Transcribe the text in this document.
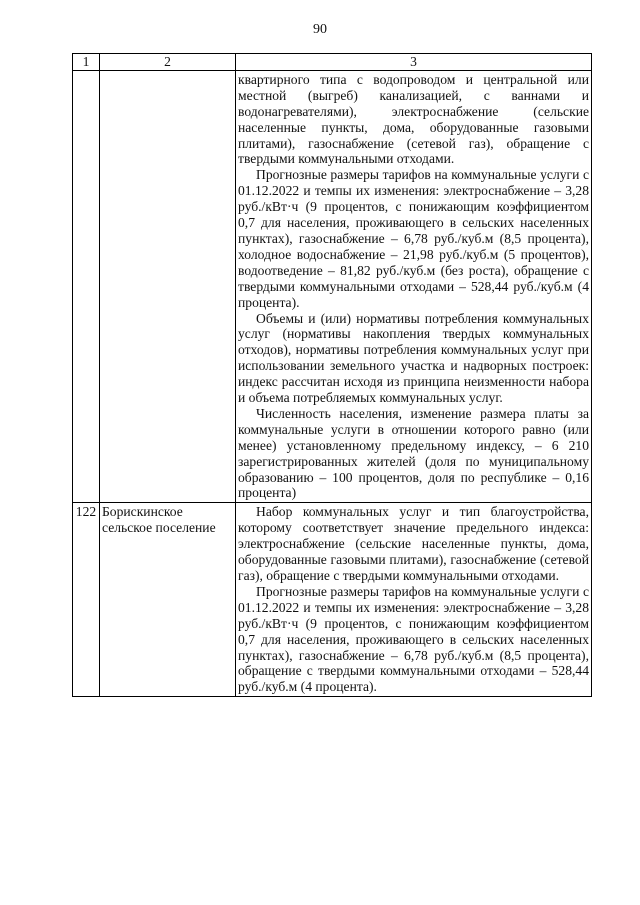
90
1	2	3

		квартирного типа с водопроводом и центральной или местной (выгреб) канализацией, с ваннами и водонагревателями), электроснабжение (сельские населенные пункты, дома, оборудованные газовыми плитами), газоснабжение (сетевой газ), обращение с твердыми коммунальными отходами.

Прогнозные размеры тарифов на коммунальные услуги с 01.12.2022 и темпы их изменения: электроснабжение – 3,28 руб./кВт·ч (9 процентов, с понижающим коэффициентом 0,7 для населения, проживающего в сельских населенных пунктах), газоснабжение – 6,78 руб./куб.м (8,5 процента), холодное водоснабжение – 21,98 руб./куб.м (5 процентов), водоотведение – 81,82 руб./куб.м (без роста), обращение с твердыми коммунальными отходами – 528,44 руб./куб.м (4 процента).

Объемы и (или) нормативы потребления коммунальных услуг (нормативы накопления твердых коммунальных отходов), нормативы потребления коммунальных услуг при использовании земельного участка и надворных построек: индекс рассчитан исходя из принципа неизменности набора и объема потребляемых коммунальных услуг.

Численность населения, изменение размера платы за коммунальные услуги в отношении которого равно (или менее) установленному предельному индексу, – 6 210 зарегистрированных жителей (доля по муниципальному образованию – 100 процентов, доля по республике – 0,16 процента)

122	Борискинское сельское поселение	Набор коммунальных услуг и тип благоустройства, которому соответствует значение предельного индекса: электроснабжение (сельские населенные пункты, дома, оборудованные газовыми плитами), газоснабжение (сетевой газ), обращение с твердыми коммунальными отходами.

Прогнозные размеры тарифов на коммунальные услуги с 01.12.2022 и темпы их изменения: электроснабжение – 3,28 руб./кВт·ч (9 процентов, с понижающим коэффициентом 0,7 для населения, проживающего в сельских населенных пунктах), газоснабжение – 6,78 руб./куб.м (8,5 процента), обращение с твердыми коммунальными отходами – 528,44 руб./куб.м (4 процента).
